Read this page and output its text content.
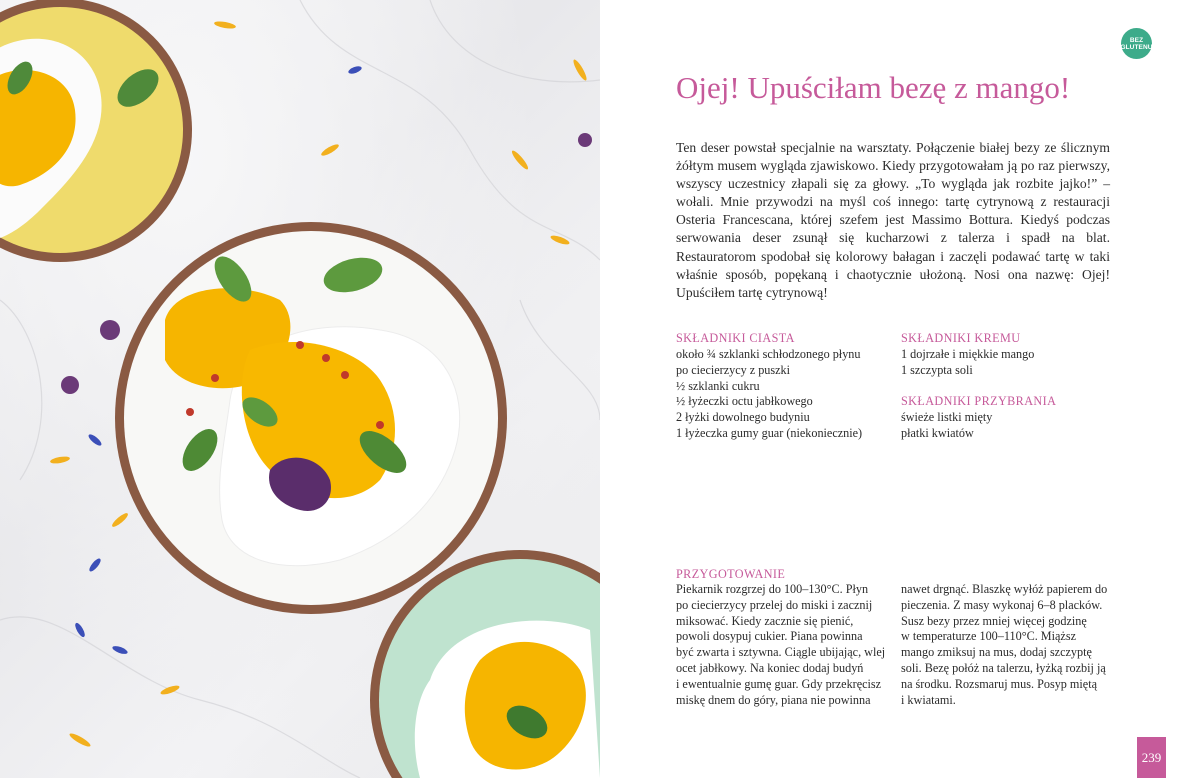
BEZ
GLUTENU
Ojej! Upuściłam bezę z mango!

Ten deser powstał specjalnie na warsztaty. Połączenie białej bezy ze ślicznym żółtym musem wygląda zjawiskowo. Kiedy przygotowałam ją po raz pierwszy, wszyscy uczestnicy złapali się za głowy. „To wygląda jak rozbite jajko!” – wołali. Mnie przywodzi na myśl coś innego: tartę cytrynową z restauracji Osteria Francescana, której szefem jest Massimo Bottura. Kiedyś podczas serwowania deser zsunął się kucharzowi z talerza i spadł na blat. Restauratorom spodobał się kolorowy bałagan i zaczęli podawać tartę w taki właśnie sposób, popękaną i chaotycznie ułożoną. Nosi ona nazwę: Ojej! Upuściłem tartę cytrynową!

SKŁADNIKI CIASTA

około ¾ szklanki schłodzonego płynu
po ciecierzycy z puszki
½ szklanki cukru
½ łyżeczki octu jabłkowego
2 łyżki dowolnego budyniu
1 łyżeczka gumy guar (niekoniecznie)

SKŁADNIKI KREMU

1 dojrzałe i miękkie mango
1 szczypta soli

SKŁADNIKI PRZYBRANIA

świeże listki mięty
płatki kwiatów

PRZYGOTOWANIE

Piekarnik rozgrzej do 100–130°C. Płyn
po ciecierzycy przelej do miski i zacznij
miksować. Kiedy zacznie się pienić,
powoli dosypuj cukier. Piana powinna
być zwarta i sztywna. Ciągle ubijając, wlej
ocet jabłkowy. Na koniec dodaj budyń
i ewentualnie gumę guar. Gdy przekręcisz
miskę dnem do góry, piana nie powinna
nawet drgnąć. Blaszkę wyłóż papierem do
pieczenia. Z masy wykonaj 6–8 placków.
Susz bezy przez mniej więcej godzinę
w temperaturze 100–110°C. Miąższ
mango zmiksuj na mus, dodaj szczyptę
soli. Bezę połóż na talerzu, łyżką rozbij ją
na środku. Rozsmaruj mus. Posyp miętą
i kwiatami.
239
